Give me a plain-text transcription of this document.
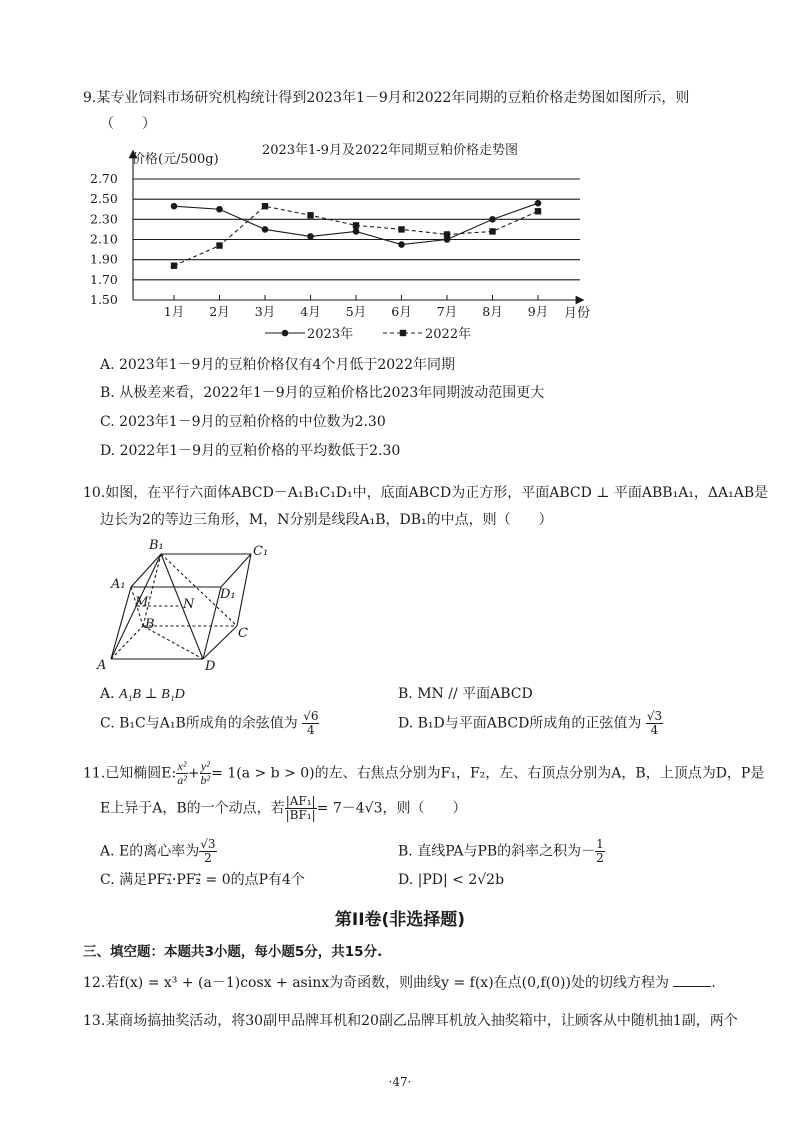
9.某专业饲料市场研究机构统计得到2023年1－9月和2022年同期的豆粕价格走势图如图所示，则
（　　）
2023年1-9月及2022年同期豆粕价格走势图
价格(元/500g)
月份
1.50
1.70
1.90
2.10
2.30
2.50
2.70
1月 2月 3月 4月 5月 6月 7月 8月 9月
2023年	2022年
A. 2023年1－9月的豆粕价格仅有4个月低于2022年同期
B. 从极差来看，2022年1－9月的豆粕价格比2023年同期波动范围更大
C. 2023年1－9月的豆粕价格的中位数为2.30
D. 2022年1－9月的豆粕价格的平均数低于2.30
10.如图，在平行六面体ABCD－A₁B₁C₁D₁中，底面ABCD为正方形，平面ABCD ⊥ 平面ABB₁A₁，ΔA₁AB是
边长为2的等边三角形，M，N分别是线段A₁B，DB₁的中点，则（　　）
A
B
C
D
A₁
B₁	C₁
D₁
M	N
A. A₁B ⊥ B₁D	B. MN // 平面ABCD
C. B₁C与A₁B所成角的余弦值为 $\frac{√6}{4}$	D. B₁D与平面ABCD所成角的正弦值为 $\frac{√3}{4}$
11.已知椭圆E: $\frac{\text{x²}}{\text{a²}} + \frac{\text{y²}}{\text{b²}} = 1(a > b > 0)$的左、右焦点分别为F₁，F₂，左、右顶点分别为A，B，上顶点为D，P是
E上异于A，B的一个动点，若 $\frac{\text{|AF₁|}}{\text{|BF₁|}} = 7-4√3$，则（　　）
A. E的离心率为 $\frac{√3}{2}$	B. 直线PA与PB的斜率之积为－ $\frac{1}{2}$
C. 满足PF₁⃗·PF₂⃗ = 0的点P有4个	D. |PD| < 2√2b
第II卷(非选择题)
三、填空题：本题共3小题，每小题5分，共15分.
12.若f(x) = x³ + (a－1)cosx + asinx为奇函数，则曲线y = f(x)在点(0,f(0))处的切线方程为	.
13.某商场搞抽奖活动，将30副甲品牌耳机和20副乙品牌耳机放入抽奖箱中，让顾客从中随机抽1副，两个
·47·
